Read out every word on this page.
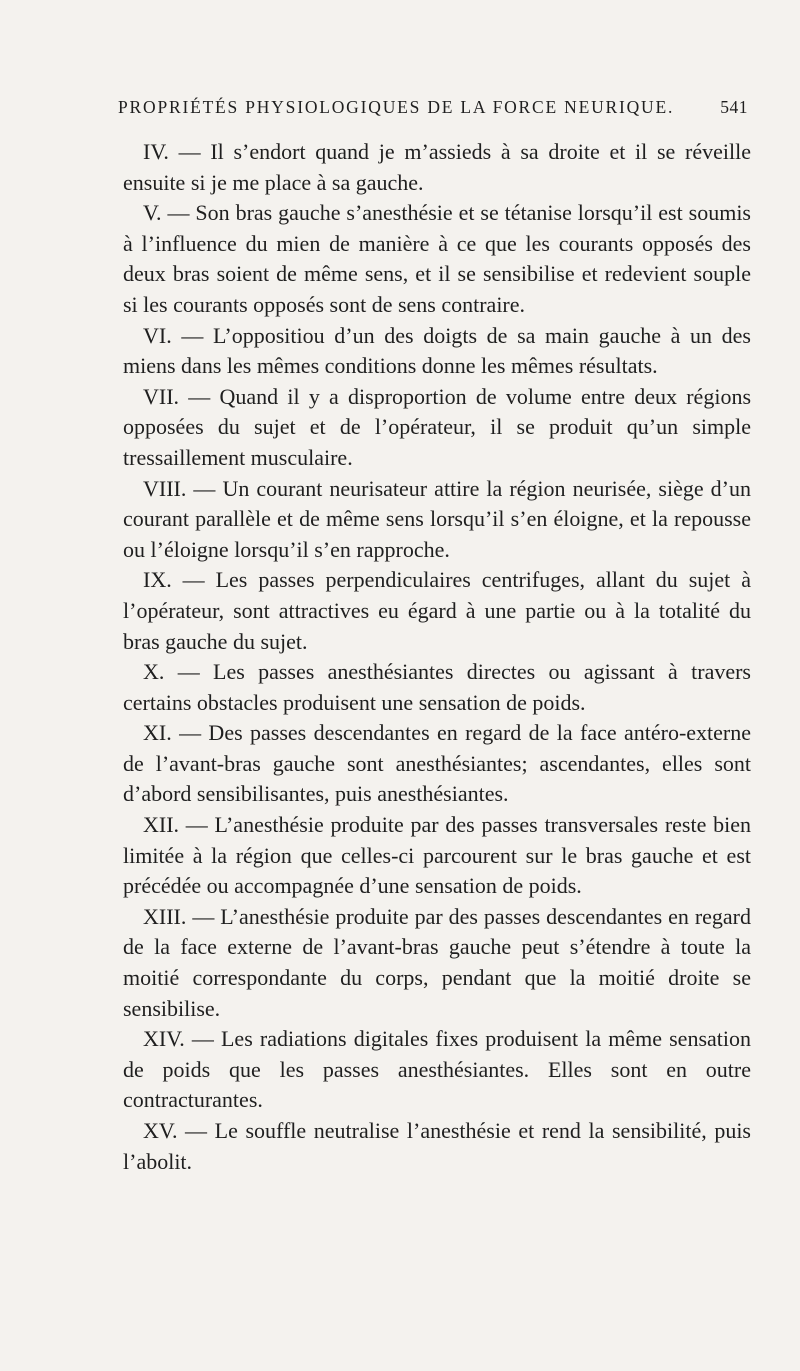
PROPRIÉTÉS PHYSIOLOGIQUES DE LA FORCE NEURIQUE.	541

IV. — Il s’endort quand je m’assieds à sa droite et il se réveille ensuite si je me place à sa gauche.

V. — Son bras gauche s’anesthésie et se tétanise lorsqu’il est soumis à l’influence du mien de manière à ce que les courants opposés des deux bras soient de même sens, et il se sensibilise et redevient souple si les courants opposés sont de sens contraire.

VI. — L’oppositiou d’un des doigts de sa main gauche à un des miens dans les mêmes conditions donne les mêmes résultats.

VII. — Quand il y a disproportion de volume entre deux régions opposées du sujet et de l’opérateur, il se produit qu’un simple tressaillement musculaire.

VIII. — Un courant neurisateur attire la région neurisée, siège d’un courant parallèle et de même sens lorsqu’il s’en éloigne, et la repousse ou l’éloigne lorsqu’il s’en rapproche.

IX. — Les passes perpendiculaires centrifuges, allant du sujet à l’opérateur, sont attractives eu égard à une partie ou à la totalité du bras gauche du sujet.

X. — Les passes anesthésiantes directes ou agissant à travers certains obstacles produisent une sensation de poids.

XI. — Des passes descendantes en regard de la face antéro-externe de l’avant-bras gauche sont anesthésiantes; ascendantes, elles sont d’abord sensibilisantes, puis anesthésiantes.

XII. — L’anesthésie produite par des passes transversales reste bien limitée à la région que celles-ci parcourent sur le bras gauche et est précédée ou accompagnée d’une sensation de poids.

XIII. — L’anesthésie produite par des passes descendantes en regard de la face externe de l’avant-bras gauche peut s’étendre à toute la moitié correspondante du corps, pendant que la moitié droite se sensibilise.

XIV. — Les radiations digitales fixes produisent la même sensation de poids que les passes anesthésiantes. Elles sont en outre contracturantes.

XV. — Le souffle neutralise l’anesthésie et rend la sensibilité, puis l’abolit.
